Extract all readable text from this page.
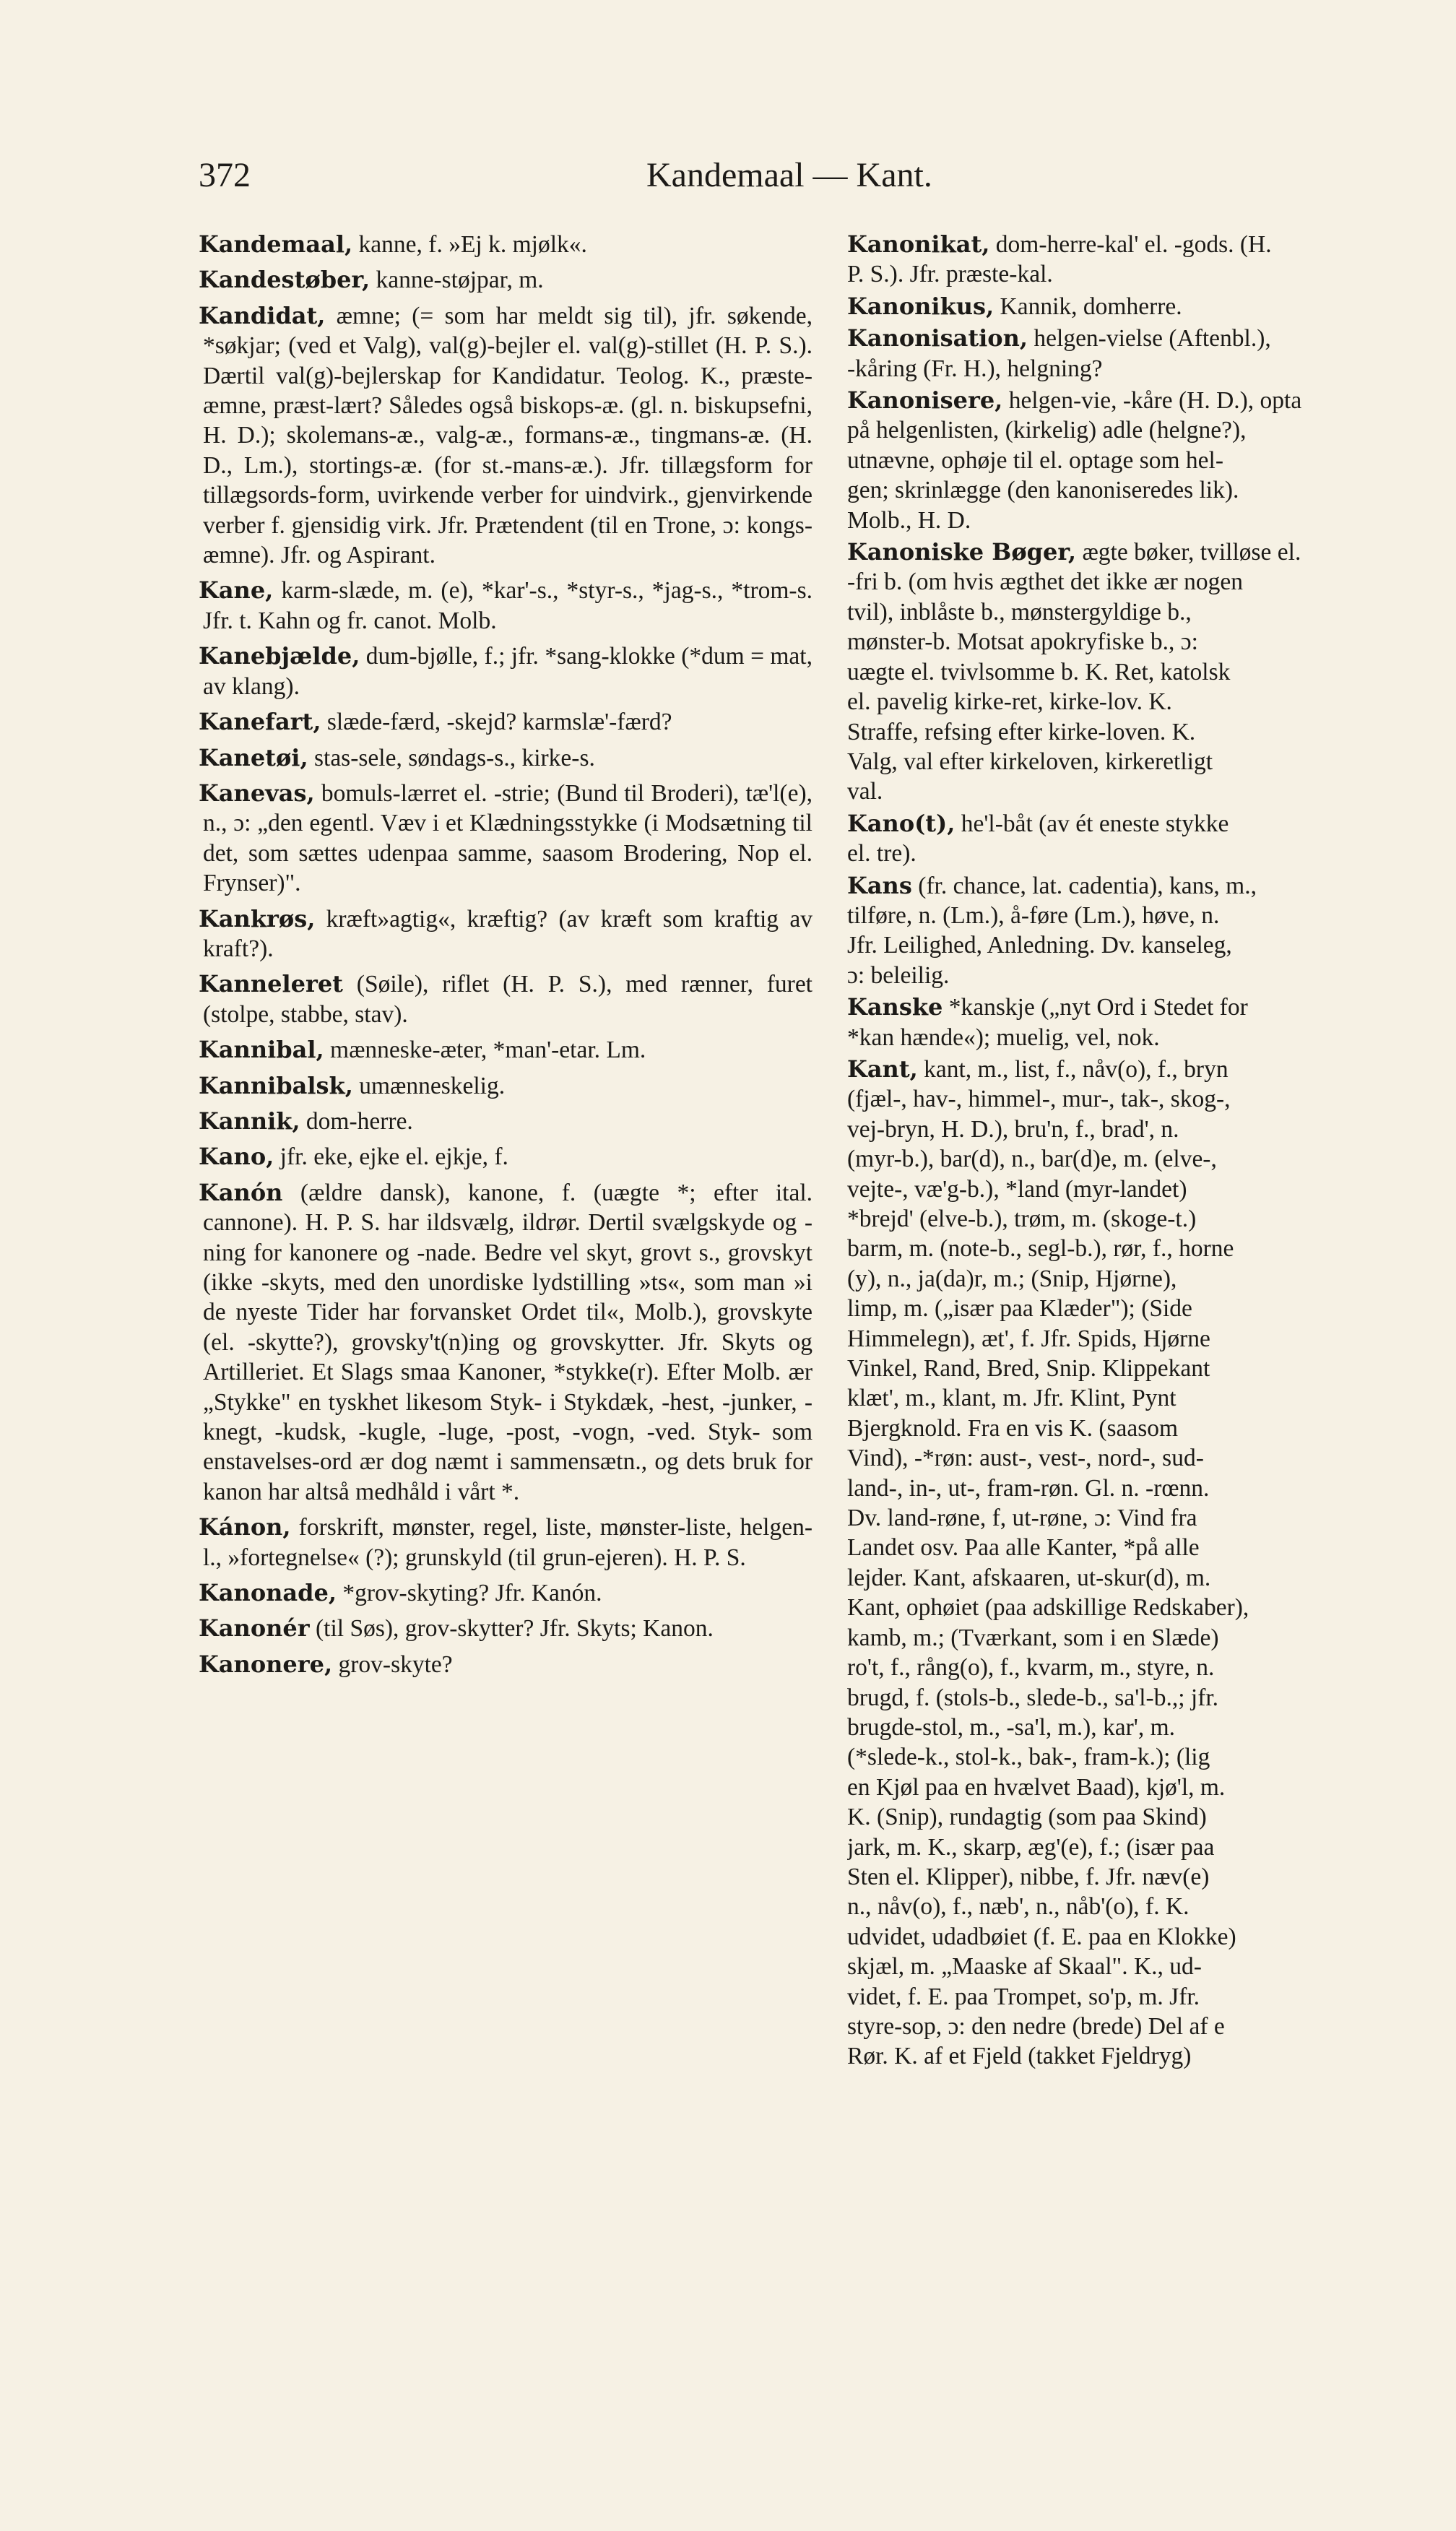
372	Kandemaal — Kant.
Kandemaal, kanne, f. »Ej k. mjølk«.
Kandestøber, kanne-støjpar, m.
Kandidat, æmne; (= som har meldt sig til), jfr. søkende, *søkjar; (ved et Valg), val(g)-bejler el. val(g)-stillet (H. P. S.). Dærtil val(g)-bejlerskap for Kandidatur. Teolog. K., præste-æmne, præst-lært? Således også biskops-æ. (gl. n. biskupsefni, H. D.); skolemans-æ., valg-æ., formans-æ., tingmans-æ. (H. D., Lm.), stortings-æ. (for st.-mans-æ.). Jfr. tillægsform for tillægsords-form, uvirkende verber for uindvirk., gjenvirkende verber f. gjensidig virk. Jfr. Prætendent (til en Trone, ɔ: kongs-æmne). Jfr. og Aspirant.
Kane, karm-slæde, m. (e), *kar'-s., *styr-s., *jag-s., *trom-s. Jfr. t. Kahn og fr. canot. Molb.
Kanebjælde, dum-bjølle, f.; jfr. *sang-klokke (*dum = mat, av klang).
Kanefart, slæde-færd, -skejd? karmslæ'-færd?
Kanetøi, stas-sele, søndags-s., kirke-s.
Kanevas, bomuls-lærret el. -strie; (Bund til Broderi), tæ'l(e), n., ɔ: „den egentl. Væv i et Klædningsstykke (i Modsætning til det, som sættes udenpaa samme, saasom Brodering, Nop el. Frynser)".
Kankrøs, kræft»agtig«, kræftig? (av kræft som kraftig av kraft?).
Kanneleret (Søile), riflet (H. P. S.), med rænner, furet (stolpe, stabbe, stav).
Kannibal, mænneske-æter, *man'-etar. Lm.
Kannibalsk, umænneskelig.
Kannik, dom-herre.
Kano, jfr. eke, ejke el. ejkje, f.
Kanón (ældre dansk), kanone, f. (uægte *; efter ital. cannone). H. P. S. har ildsvælg, ildrør. Dertil svælgskyde og -ning for kanonere og -nade. Bedre vel skyt, grovt s., grovskyt (ikke -skyts, med den unordiske lydstilling »ts«, som man »i de nyeste Tider har forvansket Ordet til«, Molb.), grovskyte (el. -skytte?), grovsky't(n)ing og grovskytter. Jfr. Skyts og Artilleriet. Et Slags smaa Kanoner, *stykke(r). Efter Molb. ær „Stykke" en tyskhet likesom Styk- i Stykdæk, -hest, -junker, -knegt, -kudsk, -kugle, -luge, -post, -vogn, -ved. Styk- som enstavelses-ord ær dog næmt i sammensætn., og dets bruk for kanon har altså medhåld i vårt *.
Kánon, forskrift, mønster, regel, liste, mønster-liste, helgen-l., »fortegnelse« (?); grunskyld (til grun-ejeren). H. P. S.
Kanonade, *grov-skyting? Jfr. Kanón.
Kanonér (til Søs), grov-skytter? Jfr. Skyts; Kanon.
Kanonere, grov-skyte?
Kanonikat, dom-herre-kal' el. -gods. (H.
P. S.). Jfr. præste-kal.
Kanonikus, Kannik, domherre.
Kanonisation, helgen-vielse (Aftenbl.),
-kåring (Fr. H.), helgning?
Kanonisere, helgen-vie, -kåre (H. D.), opta
på helgenlisten, (kirkelig) adle (helgne?),
utnævne, ophøje til el. optage som hel-
gen; skrinlægge (den kanoniseredes lik).
Molb., H. D.
Kanoniske Bøger, ægte bøker, tvilløse el.
-fri b. (om hvis ægthet det ikke ær nogen
tvil), inblåste b., mønstergyldige b.,
mønster-b. Motsat apokryfiske b., ɔ:
uægte el. tvivlsomme b. K. Ret, katolsk
el. pavelig kirke-ret, kirke-lov. K.
Straffe, refsing efter kirke-loven. K.
Valg, val efter kirkeloven, kirkeretligt
val.
Kano(t), he'l-båt (av ét eneste stykke
el. tre).
Kans (fr. chance, lat. cadentia), kans, m.,
tilføre, n. (Lm.), å-føre (Lm.), høve, n.
Jfr. Leilighed, Anledning. Dv. kanseleg,
ɔ: beleilig.
Kanske *kanskje („nyt Ord i Stedet for
*kan hænde«); muelig, vel, nok.
Kant, kant, m., list, f., nåv(o), f., bryn
(fjæl-, hav-, himmel-, mur-, tak-, skog-,
vej-bryn, H. D.), bru'n, f., brad', n.
(myr-b.), bar(d), n., bar(d)e, m. (elve-,
vejte-, væ'g-b.), *land (myr-landet)
*brejd' (elve-b.), trøm, m. (skoge-t.)
barm, m. (note-b., segl-b.), rør, f., horne
(y), n., ja(da)r, m.; (Snip, Hjørne),
limp, m. („især paa Klæder"); (Side
Himmelegn), æt', f. Jfr. Spids, Hjørne
Vinkel, Rand, Bred, Snip. Klippekant
klæt', m., klant, m. Jfr. Klint, Pynt
Bjergknold. Fra en vis K. (saasom
Vind), -*røn: aust-, vest-, nord-, sud-
land-, in-, ut-, fram-røn. Gl. n. -rœnn.
Dv. land-røne, f, ut-røne, ɔ: Vind fra
Landet osv. Paa alle Kanter, *på alle
lejder. Kant, afskaaren, ut-skur(d), m.
Kant, ophøiet (paa adskillige Redskaber),
kamb, m.; (Tværkant, som i en Slæde)
ro't, f., rång(o), f., kvarm, m., styre, n.
brugd, f. (stols-b., slede-b., sa'l-b.,; jfr.
brugde-stol, m., -sa'l, m.), kar', m.
(*slede-k., stol-k., bak-, fram-k.); (lig
en Kjøl paa en hvælvet Baad), kjø'l, m.
K. (Snip), rundagtig (som paa Skind)
jark, m. K., skarp, æg'(e), f.; (især paa
Sten el. Klipper), nibbe, f. Jfr. næv(e)
n., nåv(o), f., næb', n., nåb'(o), f. K.
udvidet, udadbøiet (f. E. paa en Klokke)
skjæl, m. „Maaske af Skaal". K., ud-
videt, f. E. paa Trompet, so'p, m. Jfr.
styre-sop, ɔ: den nedre (brede) Del af e
Rør. K. af et Fjeld (takket Fjeldryg)
